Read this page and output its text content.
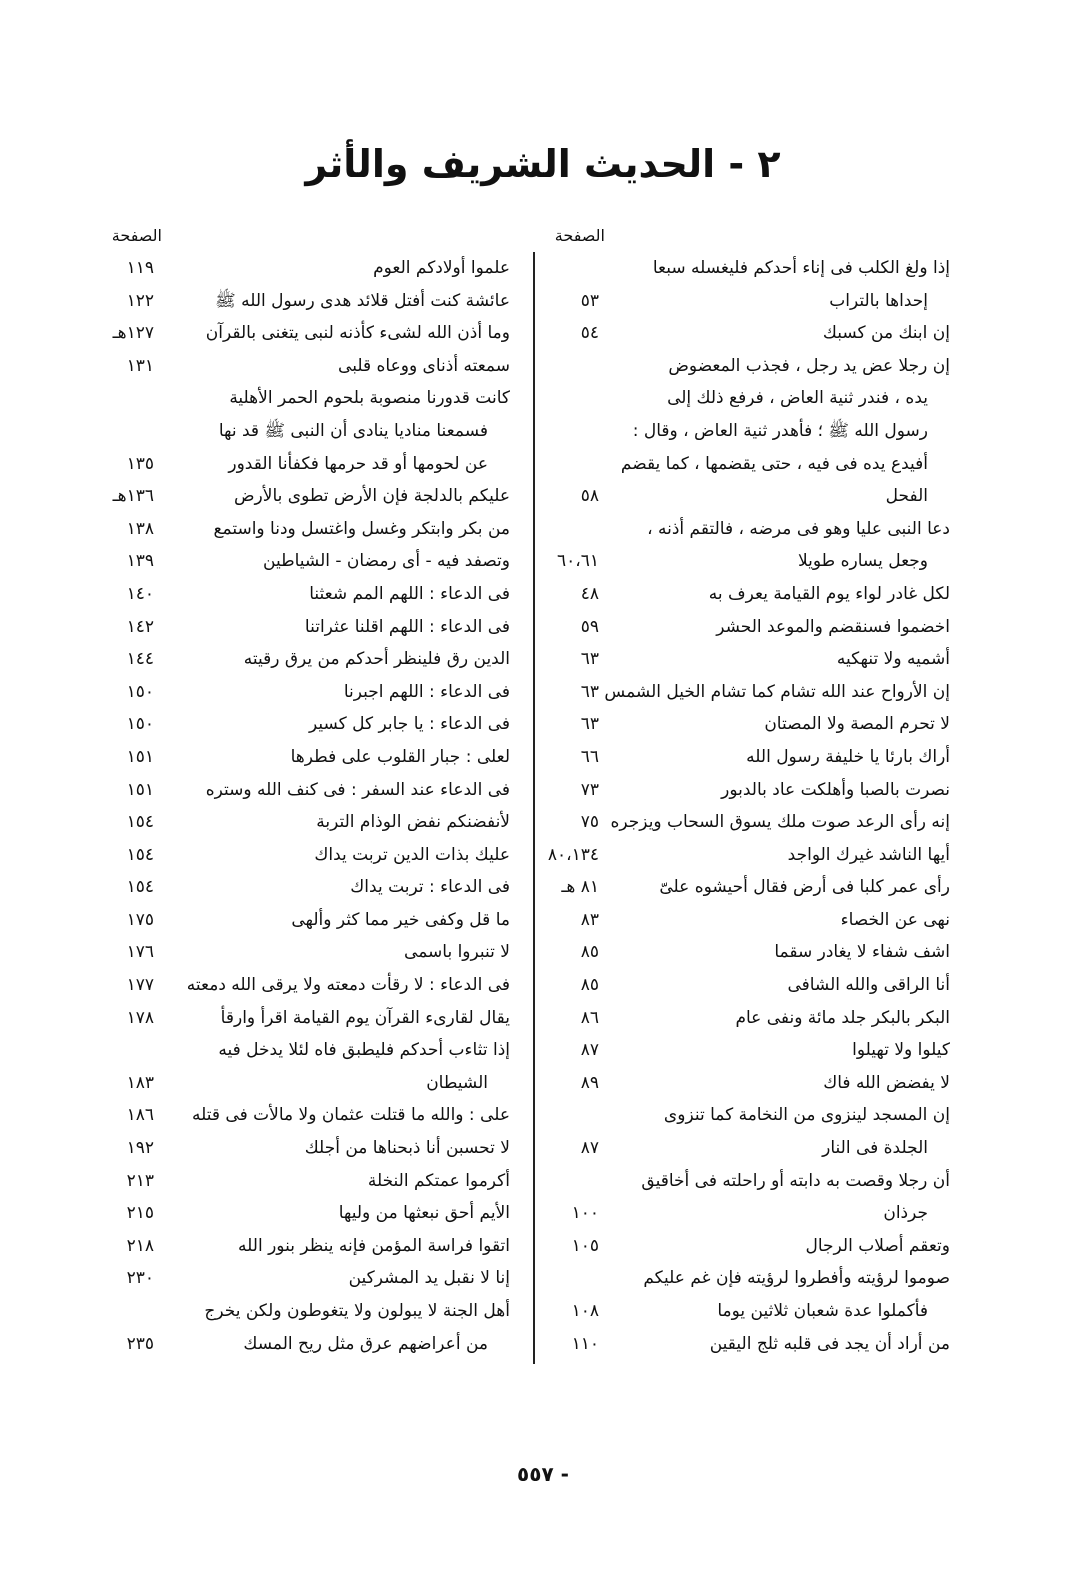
٢ - الحديث الشريف والأثر
الصفحة
إذا ولغ الكلب فى إناء أحدكم فليغسله سبعا
إحداها بالتراب
٥٣
إن ابنك من كسبك
٥٤
إن رجلا عض يد رجل ، فجذب المعضوض
يده ، فندر ثنية العاض ، فرفع ذلك إلى
رسول الله ﷺ ؛ فأهدر ثنية العاض ، وقال :
أفيدع يده فى فيه ، حتى يقضمها ، كما يقضم
الفحل
٥٨
دعا النبى عليا وهو فى مرضه ، فالتقم أذنه ،
وجعل يساره طويلا
٦٠،٦١
لكل غادر لواء يوم القيامة يعرف به
٤٨
اخضموا فسنقضم والموعد الحشر
٥٩
أشميه ولا تنهكيه
٦٣
إن الأرواح عند الله تشام كما تشام الخيل الشمس
٦٣
لا تحرم المصة ولا المصتان
٦٣
أراك بارئا يا خليفة رسول الله
٦٦
نصرت بالصبا وأهلكت عاد بالدبور
٧٣
إنه رأى الرعد صوت ملك يسوق السحاب ويزجره
٧٥
أيها الناشد غيرك الواجد
٨٠،١٣٤
رأى عمر كلبا فى أرض فقال أحيشوه علىّ
٨١ هـ
نهى عن الخصاء
٨٣
اشف شفاء لا يغادر سقما
٨٥
أنا الراقى والله الشافى
٨٥
البكر بالبكر جلد مائة ونفى عام
٨٦
كيلوا ولا تهيلوا
٨٧
لا يفضض الله فاك
٨٩
إن المسجد لينزوى من النخامة كما تنزوى
الجلدة فى النار
٨٧
أن رجلا وقصت به دابته أو راحلته فى أخاقيق
جرذان
١٠٠
وتعقم أصلاب الرجال
١٠٥
صوموا لرؤيته وأفطروا لرؤيته فإن غم عليكم
فأكملوا عدة شعبان ثلاثين يوما
١٠٨
من أراد أن يجد فى قلبه ثلج اليقين
١١٠
الصفحة
علموا أولادكم العوم
١١٩
عائشة كنت أفتل قلائد هدى رسول الله ﷺ
١٢٢
وما أذن الله لشىء كأذنه لنبى يتغنى بالقرآن
١٢٧هـ
سمعته أذناى ووعاه قلبى
١٣١
كانت قدورنا منصوبة بلحوم الحمر الأهلية
فسمعنا مناديا ينادى أن النبى ﷺ قد نها
عن لحومها أو قد حرمها فكفأنا القدور
١٣٥
عليكم بالدلجة فإن الأرض تطوى بالأرض
١٣٦هـ
من بكر وابتكر وغسل واغتسل ودنا واستمع
١٣٨
وتصفد فيه - أى رمضان - الشياطين
١٣٩
فى الدعاء : اللهم المم شعثنا
١٤٠
فى الدعاء : اللهم اقلنا عثراتنا
١٤٢
الدين رق فلينظر أحدكم من يرق رقيته
١٤٤
فى الدعاء : اللهم اجبرنا
١٥٠
فى الدعاء : يا جابر كل كسير
١٥٠
لعلى : جبار القلوب على فطرها
١٥١
فى الدعاء عند السفر : فى كنف الله وستره
١٥١
لأنفضنكم نفض الوذام التربة
١٥٤
عليك بذات الدين تربت يداك
١٥٤
فى الدعاء : تربت يداك
١٥٤
ما قل وكفى خير مما كثر وألهى
١٧٥
لا تنبروا باسمى
١٧٦
فى الدعاء : لا رقأت دمعته ولا يرقى الله دمعته
١٧٧
يقال لقارىء القرآن يوم القيامة اقرأ وارقأ
١٧٨
إذا تثاءب أحدكم فليطبق فاه لئلا يدخل فيه
الشيطان
١٨٣
على : والله ما قتلت عثمان ولا مالأت فى قتله
١٨٦
لا تحسبن أنا ذبحناها من أجلك
١٩٢
أكرموا عمتكم النخلة
٢١٣
الأيم أحق نبعثها من وليها
٢١٥
اتقوا فراسة المؤمن فإنه ينظر بنور الله
٢١٨
إنا لا نقبل يد المشركين
٢٣٠
أهل الجنة لا يبولون ولا يتغوطون ولكن يخرج
من أعراضهم عرق مثل ريح المسك
٢٣٥
- ٥٥٧
